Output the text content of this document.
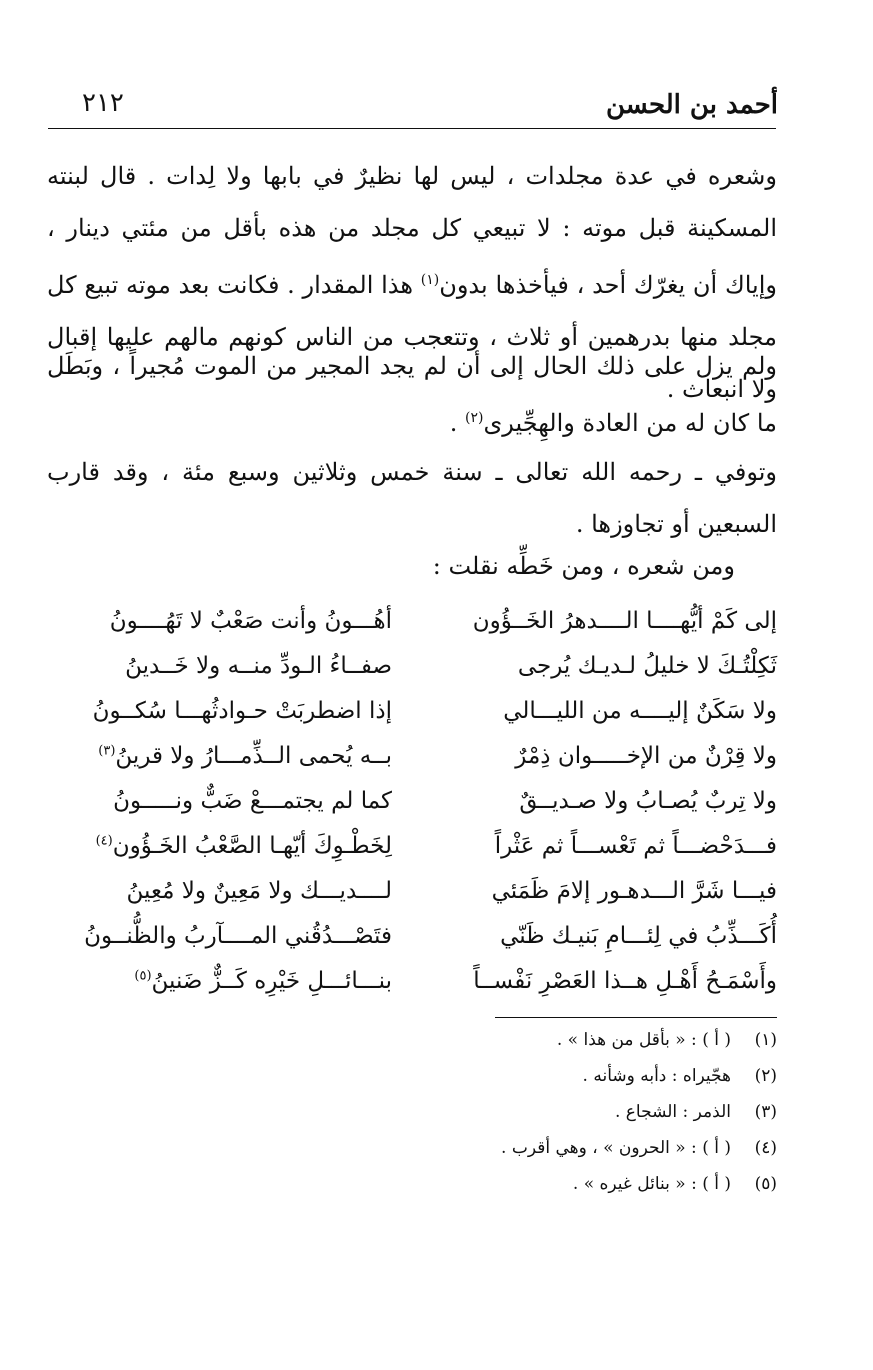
أحمد بن الحسن
٢١٢
وشعره في عدة مجلدات ، ليس لها نظيرٌ في بابها ولا لِدات . قال لبنته المسكينة قبل موته : لا تبيعي كل مجلد من هذه بأقل من مئتي دينار ، وإياك أن يغرّك أحد ، فيأخذها بدون$^{(١)}$ هذا المقدار . فكانت بعد موته تبيع كل مجلد منها بدرهمين أو ثلاث ، وتتعجب من الناس كونهم مالهم عليها إقبال ولا انبعاث .
ولم يزل على ذلك الحال إلى أن لم يجد المجير من الموت مُجيراً ، وبَطَل ما كان له من العادة والهِجِّيرى$^{(٢)}$ .
وتوفي ـ رحمه الله تعالى ـ سنة خمس وثلاثين وسبع مئة ، وقد قارب السبعين أو تجاوزها .
ومن شعره ، ومن خَطِّه نقلت :
إلى كَمْ أيُّهــــا الــــدهرُ الخَــؤُون
أهُـــونُ وأنت صَعْبٌ لا تَهُــــونُ
ثَكِلْتُـكَ لا خليلُ لـديـك يُرجى
صفــاءُ الـودِّ منــه ولا خَــدينُ
ولا سَكَنٌ إليــــه من الليـــالي
إذا اضطربَتْ حـوادثُهـــا سُكــونُ
ولا قِرْنٌ من الإخـــــوان ذِمْرٌ
بــه يُحمى الــذِّمـــارُ ولا قرينُ$^{(٣)}$
ولا تِربٌ يُصـابُ ولا صـديــقٌ
كما لم يجتمـــعْ ضَبٌّ ونـــــونُ
فـــدَحْضـــاً ثم تَعْســـاً ثم عَثْراً
لِخَطْـوِكَ أيّهـا الصَّعْبُ الخَـؤُون$^{(٤)}$
فيـــا شَرَّ الـــدهـور إلامَ ظَمَئي
لــــديـــك ولا مَعِينٌ ولا مُعِينُ
أُكَـــذِّبُ في لِئـــامِ بَنيـك ظَنّي
فتَصْـــدُقُني المــــآربُ والظُّنــونُ
وأَسْمَـحُ أَهْـلِ هــذا العَصْرِ نَفْســاً
بنـــائـــلِ خَيْرِه كَــزٌّ ضَنينُ$^{(٥)}$
(١)
( أ ) : « بأقل من هذا » .
(٢)
هجّيراه : دأبه وشأنه .
(٣)
الذمر : الشجاع .
(٤)
( أ ) : « الحرون » ، وهي أقرب .
(٥)
( أ ) : « بنائل غيره » .
